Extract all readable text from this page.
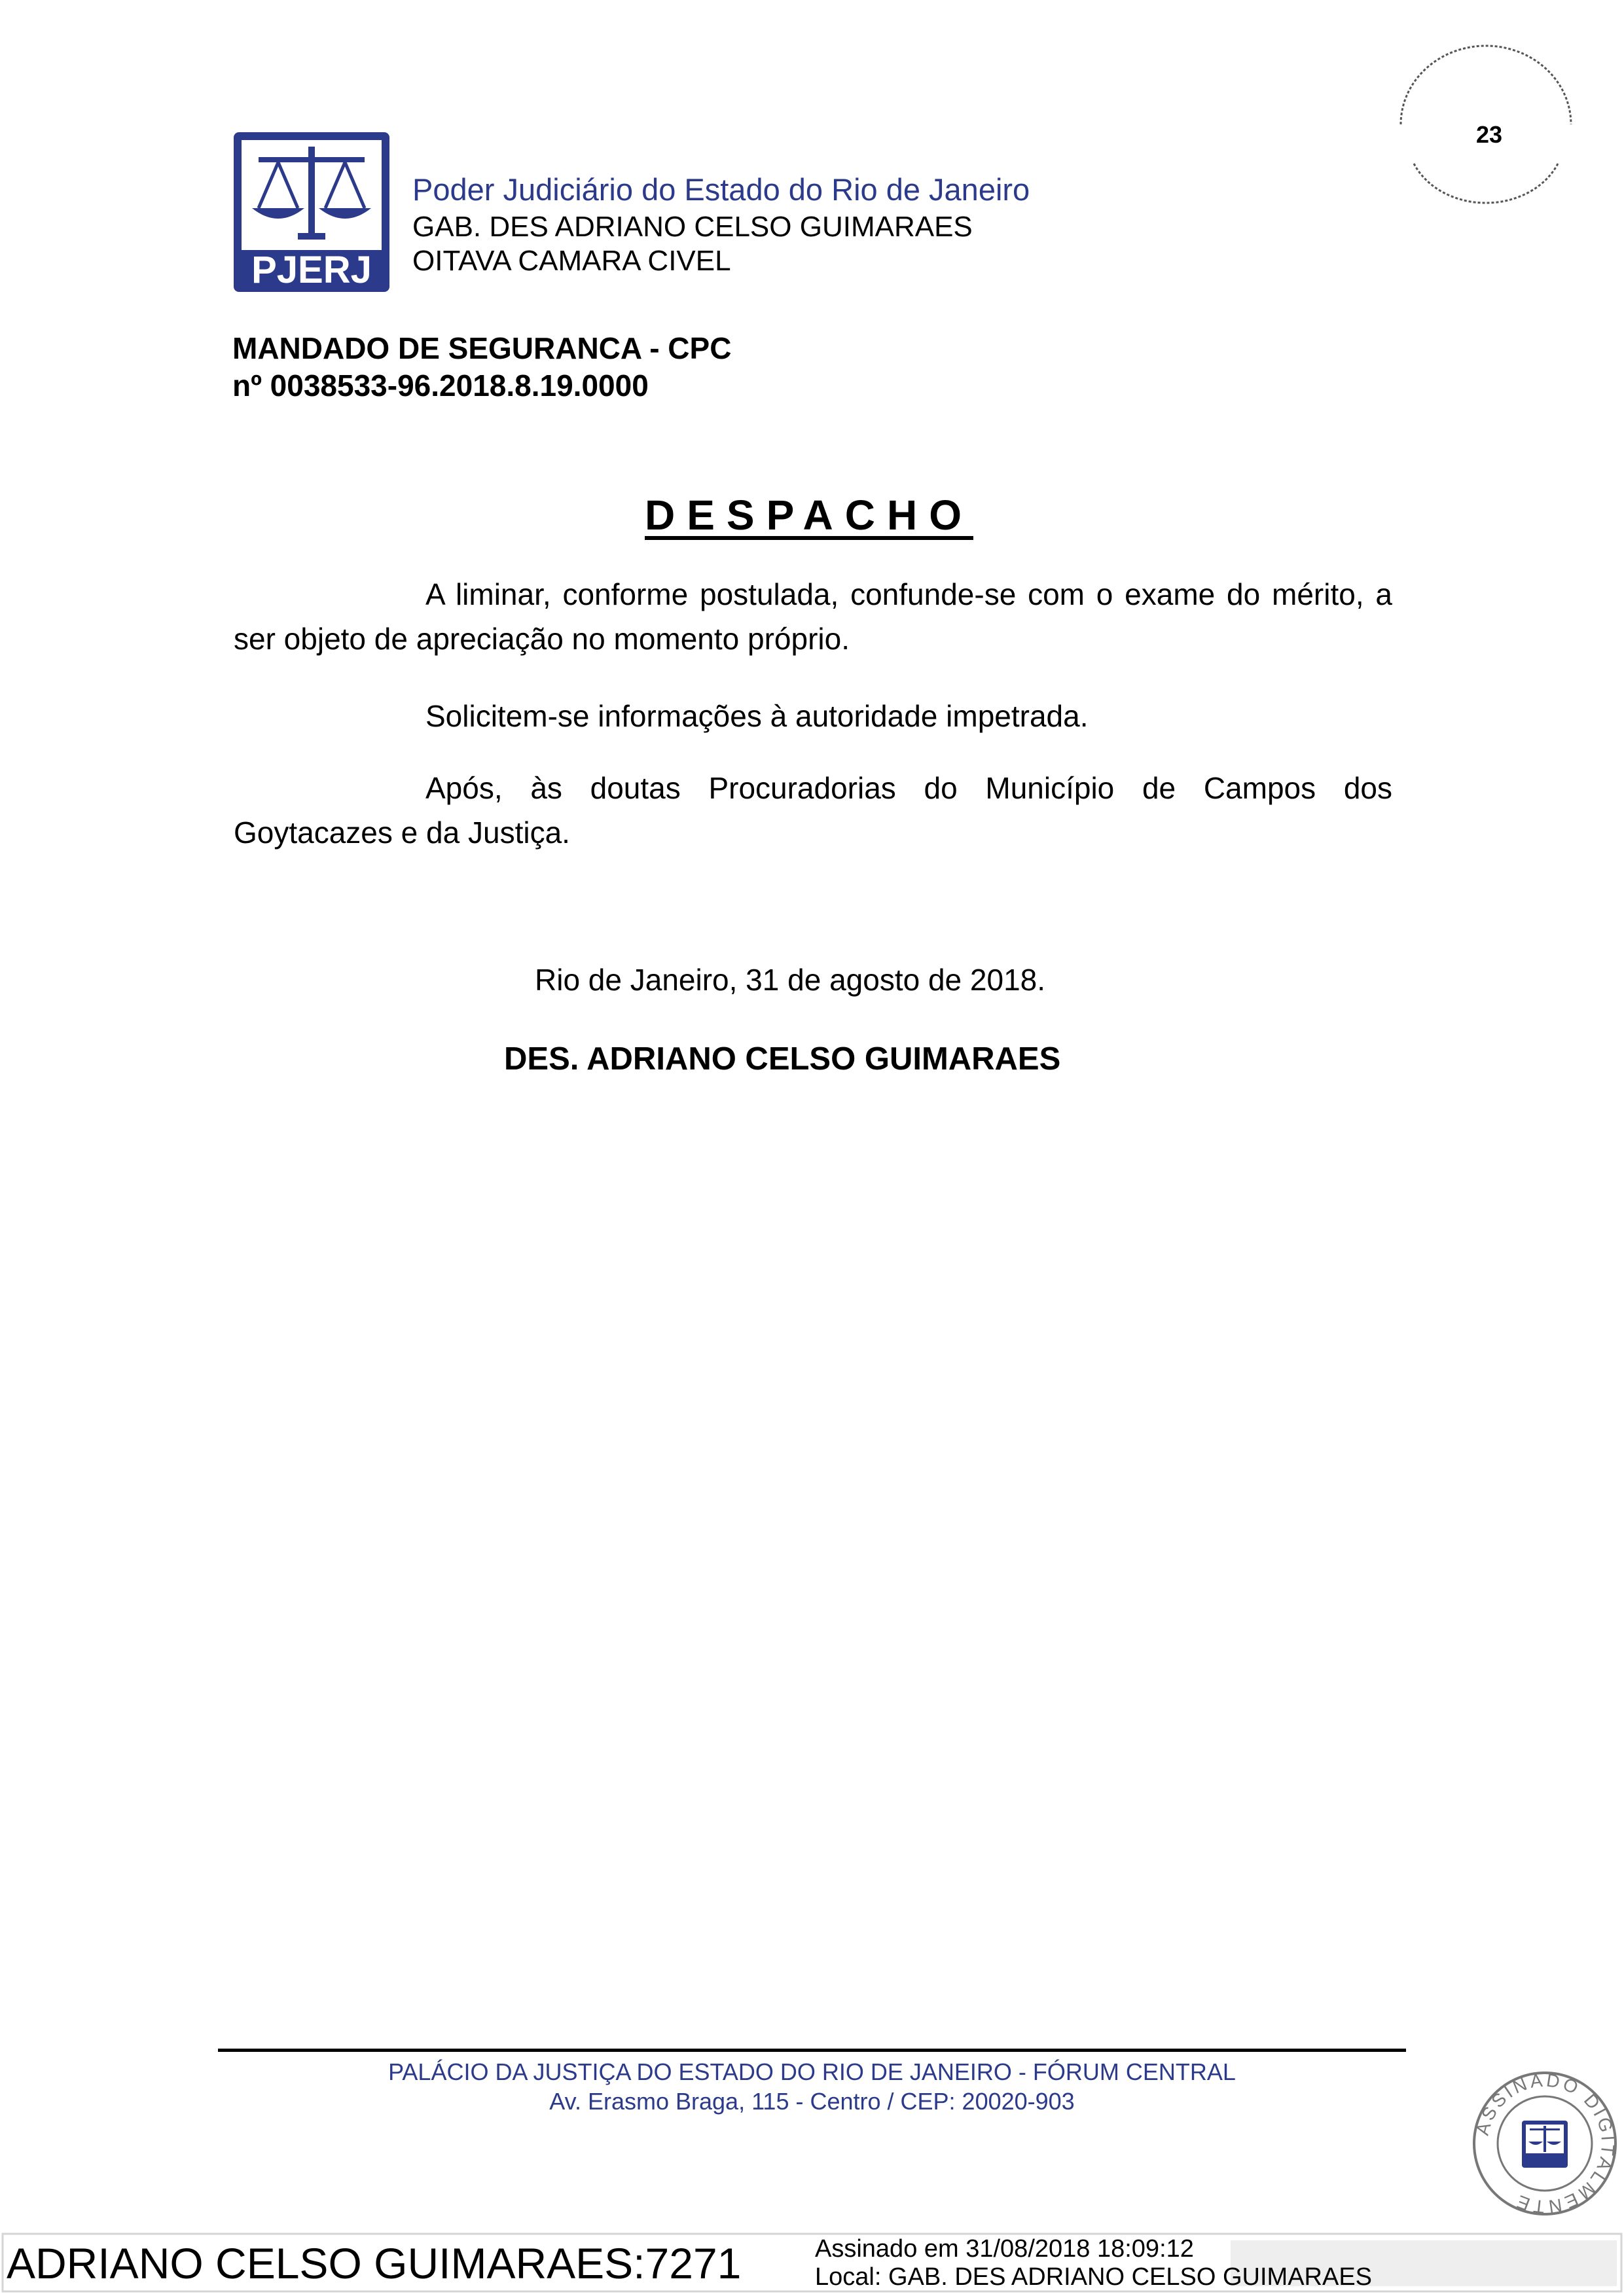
PJERJ
Poder Judiciário do Estado do Rio de Janeiro
GAB. DES ADRIANO CELSO GUIMARAES
OITAVA CAMARA CIVEL
23
MANDADO DE SEGURANCA - CPC
nº 0038533-96.2018.8.19.0000
DESPACHO
A liminar, conforme postulada, confunde-se com o exame do mérito, a ser objeto de apreciação no momento próprio.
Solicitem-se informações à autoridade impetrada.
Após, às doutas Procuradorias do Município de Campos dos Goytacazes e da Justiça.
Rio de Janeiro, 31 de agosto de 2018.
DES. ADRIANO CELSO GUIMARAES
PALÁCIO DA JUSTIÇA DO ESTADO DO RIO DE JANEIRO - FÓRUM CENTRAL
Av. Erasmo Braga, 115 - Centro / CEP: 20020-903
ASSINADO DIGITALMENTE
ADRIANO CELSO GUIMARAES:7271	Assinado em 31/08/2018 18:09:12
Local: GAB. DES ADRIANO CELSO GUIMARAES
